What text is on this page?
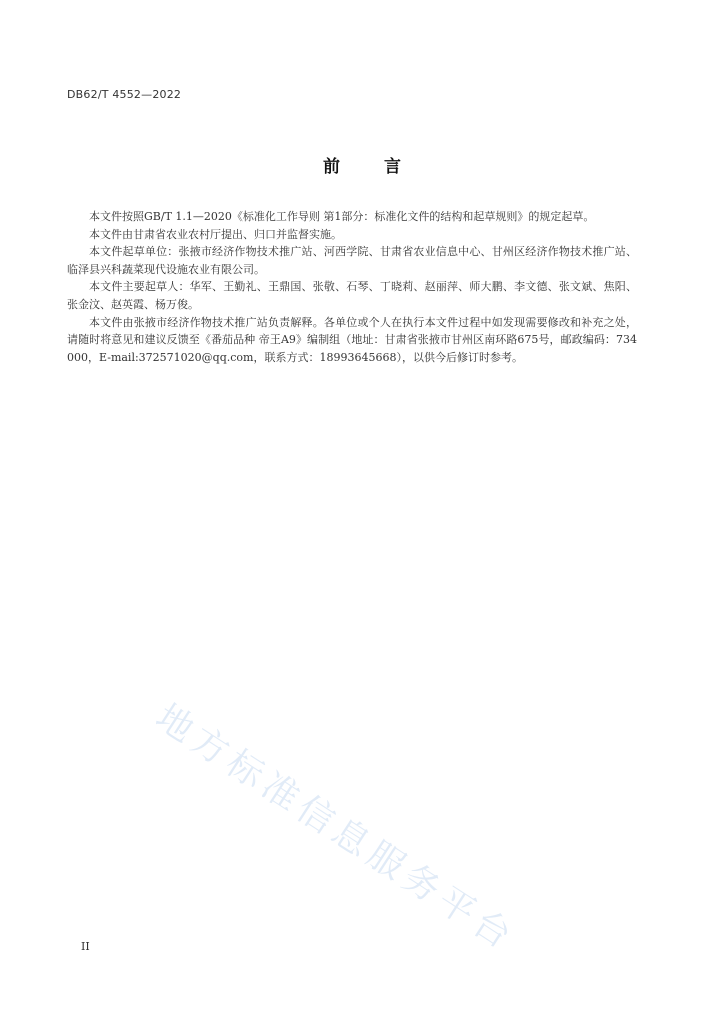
DB62/T 4552—2022
前言

本文件按照GB/T 1.1—2020《标准化工作导则 第1部分：标准化文件的结构和起草规则》的规定起草。

本文件由甘肃省农业农村厅提出、归口并监督实施。

本文件起草单位：张掖市经济作物技术推广站、河西学院、甘肃省农业信息中心、甘州区经济作物技术推广站、临泽县兴科蔬菜现代设施农业有限公司。

本文件主要起草人：华军、王勤礼、王鼎国、张敬、石琴、丁晓莉、赵丽萍、师大鹏、李文德、张文斌、焦阳、张金汶、赵英霞、杨万俊。

本文件由张掖市经济作物技术推广站负责解释。各单位或个人在执行本文件过程中如发现需要修改和补充之处，请随时将意见和建议反馈至《番茄品种 帝王A9》编制组（地址：甘肃省张掖市甘州区南环路675号，邮政编码：734000，E-mail:372571020@qq.com，联系方式：18993645668），以供今后修订时参考。

地方标准信息服务平台
II
